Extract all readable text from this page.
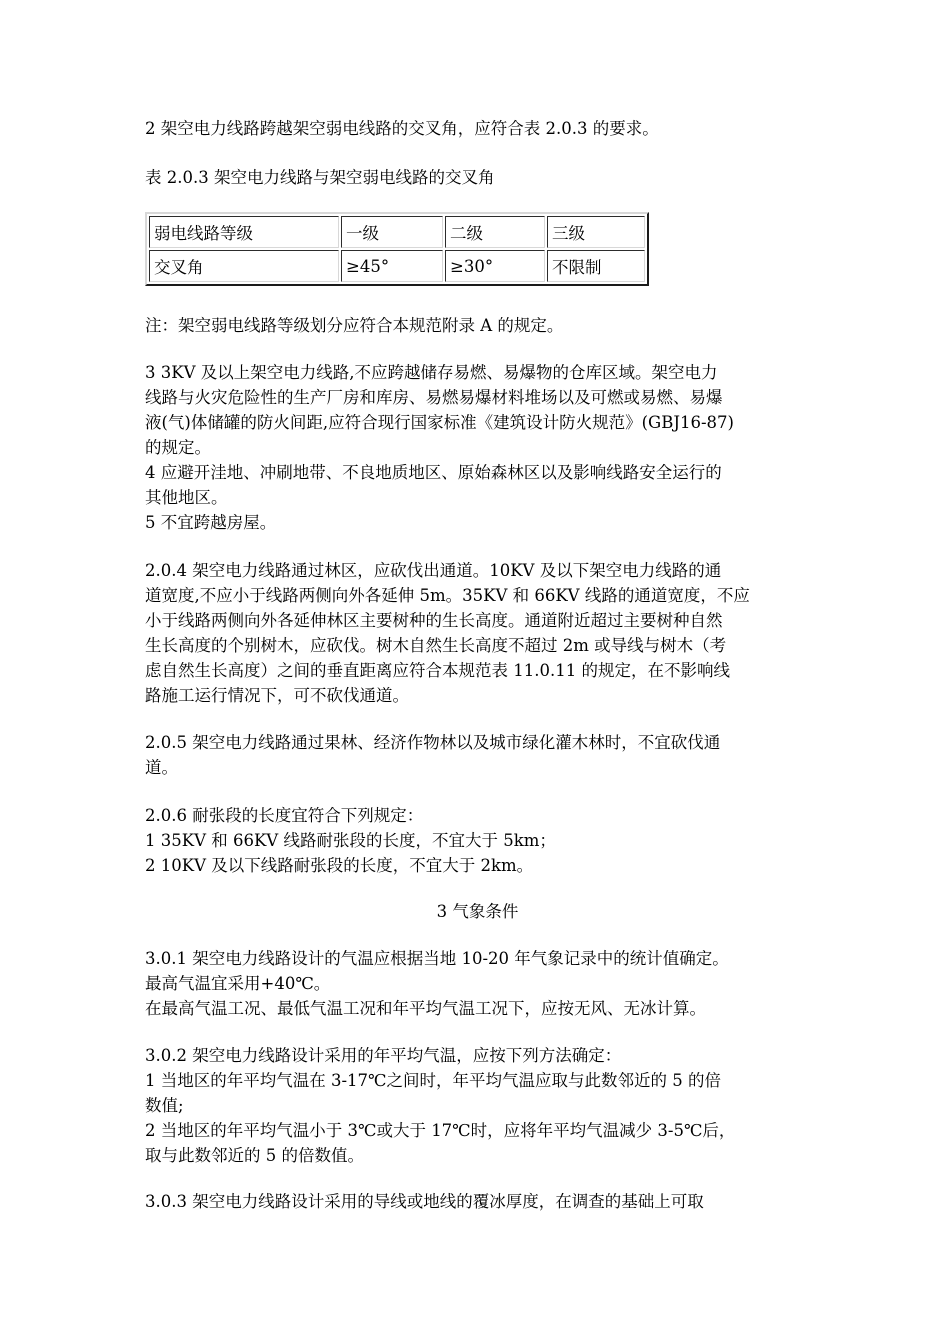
2 架空电力线路跨越架空弱电线路的交叉角，应符合表 2.0.3 的要求。
表 2.0.3 架空电力线路与架空弱电线路的交叉角
弱电线路等级	一级	二级	三级
交叉角	≥45°	≥30°	不限制
注：架空弱电线路等级划分应符合本规范附录 A 的规定。
3 3KV 及以上架空电力线路,不应跨越储存易燃、易爆物的仓库区域。架空电力
线路与火灾危险性的生产厂房和库房、易燃易爆材料堆场以及可燃或易燃、易爆
液(气)体储罐的防火间距,应符合现行国家标准《建筑设计防火规范》(GBJ16-87)
的规定。
4 应避开洼地、冲刷地带、不良地质地区、原始森林区以及影响线路安全运行的
其他地区。
5 不宜跨越房屋。
2.0.4 架空电力线路通过林区，应砍伐出通道。10KV 及以下架空电力线路的通
道宽度,不应小于线路两侧向外各延伸 5m。35KV 和 66KV 线路的通道宽度，不应
小于线路两侧向外各延伸林区主要树种的生长高度。通道附近超过主要树种自然
生长高度的个别树木，应砍伐。树木自然生长高度不超过 2m 或导线与树木（考
虑自然生长高度）之间的垂直距离应符合本规范表 11.0.11 的规定，在不影响线
路施工运行情况下，可不砍伐通道。
2.0.5 架空电力线路通过果林、经济作物林以及城市绿化灌木林时，不宜砍伐通
道。
2.0.6 耐张段的长度宜符合下列规定：
1 35KV 和 66KV 线路耐张段的长度，不宜大于 5km；
2 10KV 及以下线路耐张段的长度，不宜大于 2km。
3 气象条件
3.0.1 架空电力线路设计的气温应根据当地 10-20 年气象记录中的统计值确定。
最高气温宜采用+40℃。
在最高气温工况、最低气温工况和年平均气温工况下，应按无风、无冰计算。
3.0.2 架空电力线路设计采用的年平均气温，应按下列方法确定：
1 当地区的年平均气温在 3-17℃之间时，年平均气温应取与此数邻近的 5 的倍
数值;
2 当地区的年平均气温小于 3℃或大于 17℃时，应将年平均气温减少 3-5℃后，
取与此数邻近的 5 的倍数值。
3.0.3 架空电力线路设计采用的导线或地线的覆冰厚度，在调查的基础上可取
